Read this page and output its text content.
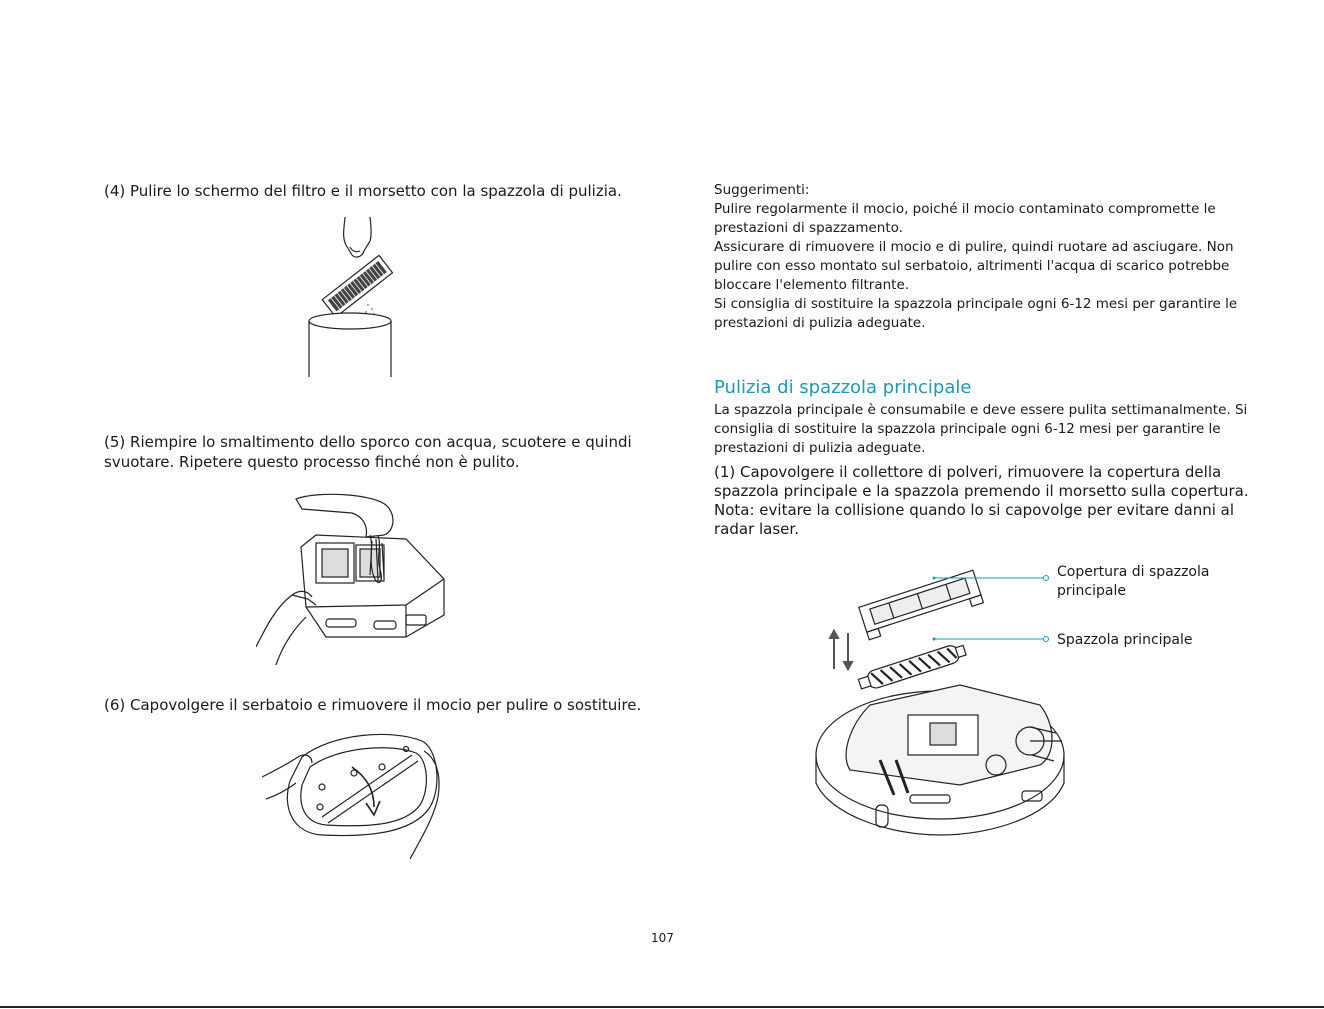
(4) Pulire lo schermo del filtro e il morsetto con la spazzola di pulizia.

(5) Riempire lo smaltimento dello sporco con acqua, scuotere e quindi

svuotare. Ripetere questo processo finché non è pulito.

(6) Capovolgere il serbatoio e rimuovere il mocio per pulire o sostituire.

Suggerimenti:

Pulire regolarmente il mocio, poiché il mocio contaminato compromette le

prestazioni di spazzamento.

Assicurare di rimuovere il mocio e di pulire, quindi ruotare ad asciugare. Non

pulire con esso montato sul serbatoio, altrimenti l'acqua di scarico potrebbe

bloccare l'elemento filtrante.

Si consiglia di sostituire la spazzola principale ogni 6-12 mesi per garantire le

prestazioni di pulizia adeguate.

Pulizia di spazzola principale

La spazzola principale è consumabile e deve essere pulita settimanalmente. Si

consiglia di sostituire la spazzola principale ogni 6-12 mesi per garantire le

prestazioni di pulizia adeguate.

(1) Capovolgere il collettore di polveri, rimuovere la copertura della

spazzola principale e la spazzola premendo il morsetto sulla copertura.

Nota: evitare la collisione quando lo si capovolge per evitare danni al

radar laser.

Copertura di spazzola

principale

Spazzola principale

107
